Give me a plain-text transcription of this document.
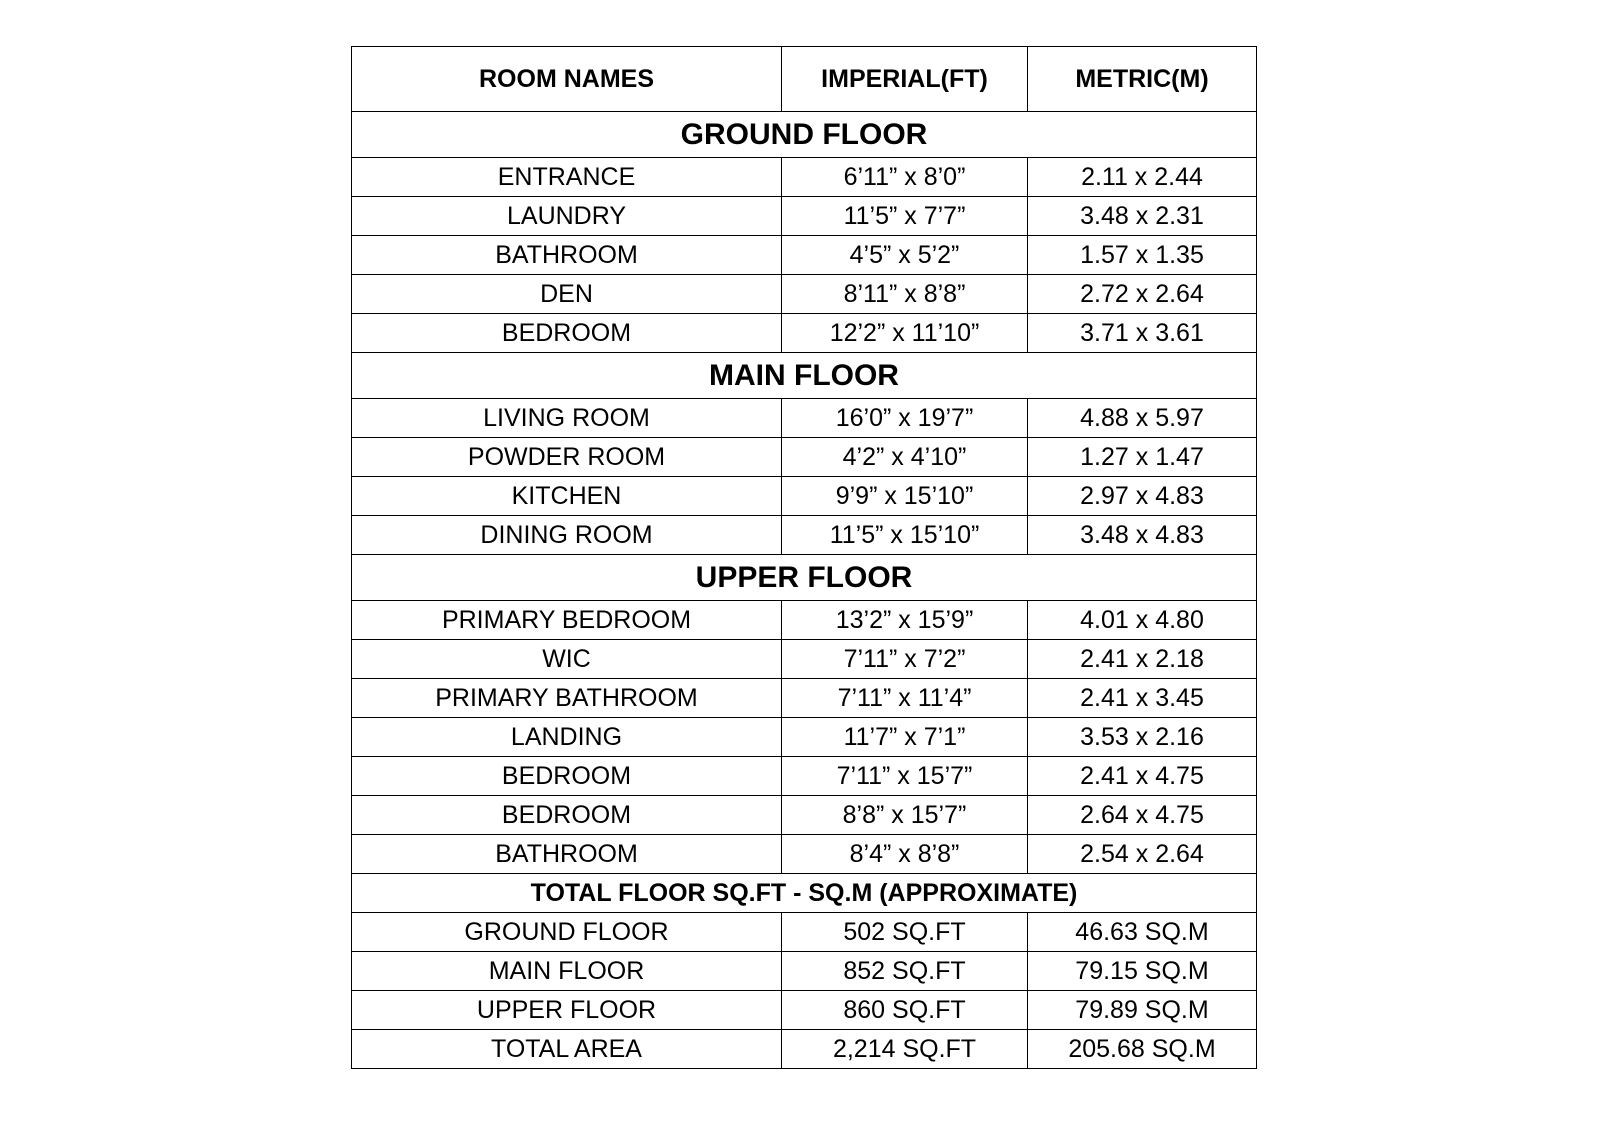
ROOM NAMES	IMPERIAL(FT)	METRIC(M)
GROUND FLOOR		
ENTRANCE	6’11” x 8’0”	2.11 x 2.44
LAUNDRY	11’5” x 7’7”	3.48 x 2.31
BATHROOM	4’5” x 5’2”	1.57 x 1.35
DEN	8’11” x 8’8”	2.72 x 2.64
BEDROOM	12’2” x 11’10”	3.71 x 3.61
MAIN FLOOR		
LIVING ROOM	16’0” x 19’7”	4.88 x 5.97
POWDER ROOM	4’2” x 4’10”	1.27 x 1.47
KITCHEN	9’9” x 15’10”	2.97 x 4.83
DINING ROOM	11’5” x 15’10”	3.48 x 4.83
UPPER FLOOR		
PRIMARY BEDROOM	13’2” x 15’9”	4.01 x 4.80
WIC	7’11” x 7’2”	2.41 x 2.18
PRIMARY BATHROOM	7’11” x 11’4”	2.41 x 3.45
LANDING	11’7” x 7’1”	3.53 x 2.16
BEDROOM	7’11” x 15’7”	2.41 x 4.75
BEDROOM	8’8” x 15’7”	2.64 x 4.75
BATHROOM	8’4” x 8’8”	2.54 x 2.64
TOTAL FLOOR SQ.FT - SQ.M (APPROXIMATE)		
GROUND FLOOR	502 SQ.FT	46.63 SQ.M
MAIN FLOOR	852 SQ.FT	79.15 SQ.M
UPPER FLOOR	860 SQ.FT	79.89 SQ.M
TOTAL AREA	2,214 SQ.FT	205.68 SQ.M
